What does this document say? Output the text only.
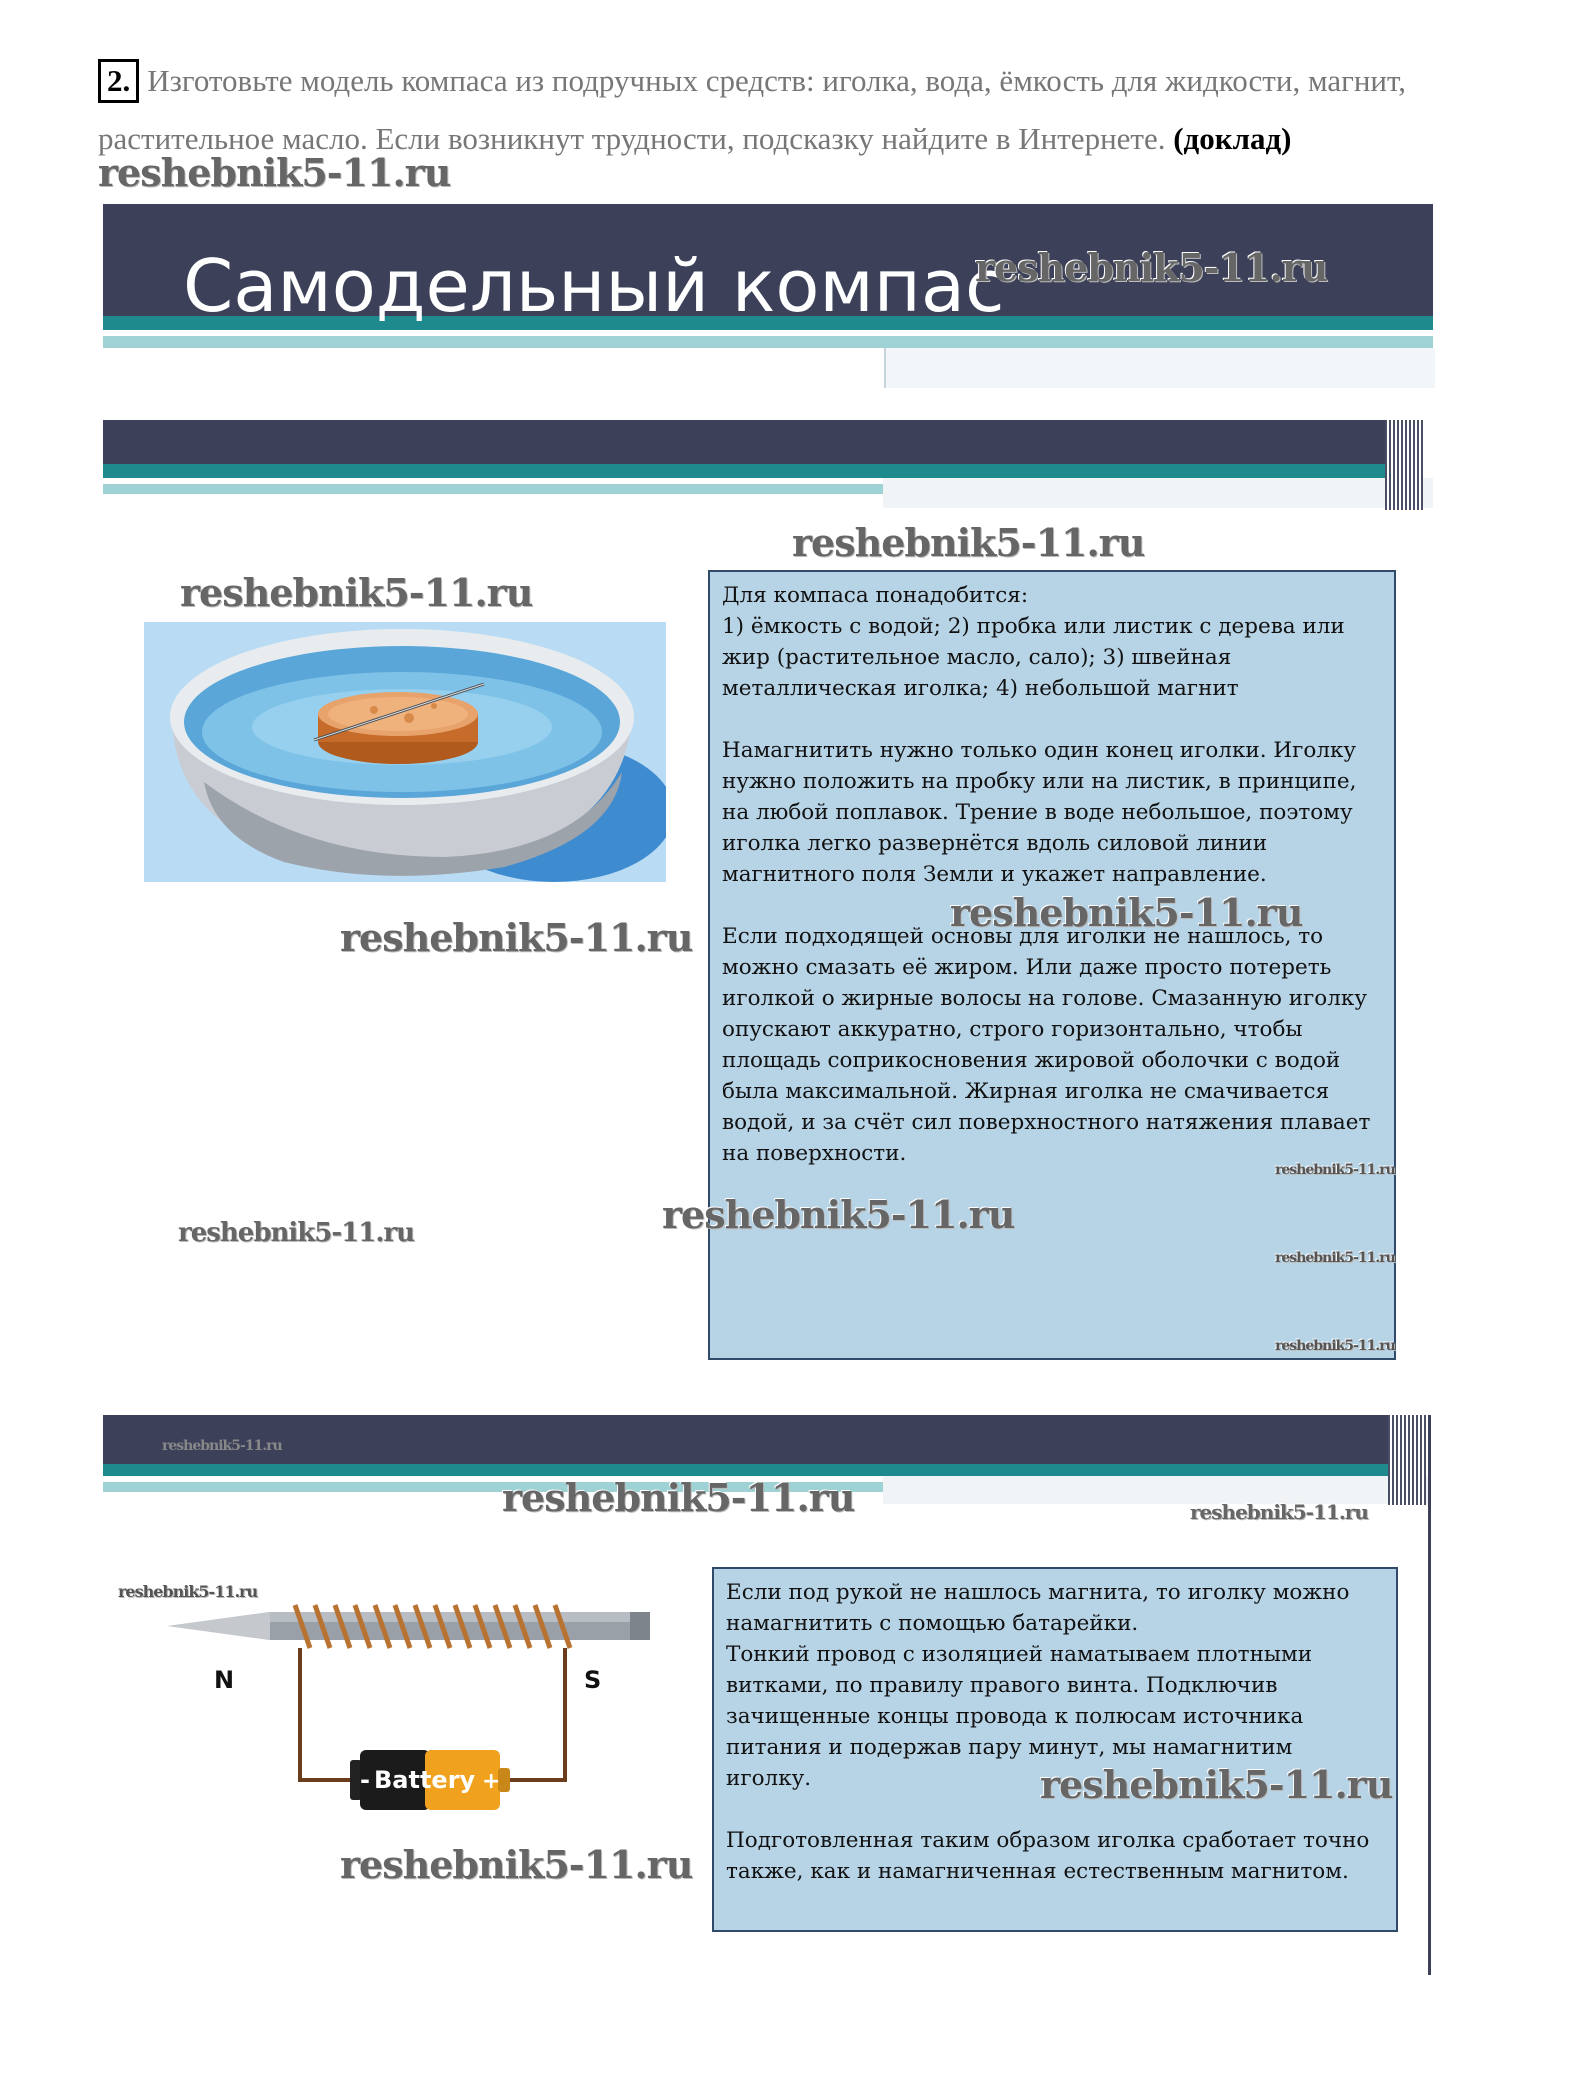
2. Изготовьте модель компаса из подручных средств: иголка, вода, ёмкость для жидкости, магнит, растительное масло. Если возникнут трудности, подсказку найдите в Интернете. (доклад)
reshebnik5-11.ru
Самодельный компас
reshebnik5-11.ru
reshebnik5-11.ru
reshebnik5-11.ru
reshebnik5-11.ru
reshebnik5-11.ru

Для компаса понадобится:
1) ёмкость с водой; 2) пробка или листик с дерева или жир (растительное масло, сало); 3) швейная металлическая иголка; 4) небольшой магнит

Намагнитить нужно только один конец иголки. Иголку нужно положить на пробку или на листик, в принципе, на любой поплавок. Трение в воде небольшое, поэтому иголка легко развернётся вдоль силовой линии магнитного поля Земли и укажет направление.

Если подходящей основы для иголки не нашлось, то можно смазать её жиром. Или даже просто потереть иголкой о жирные волосы на голове. Смазанную иголку опускают аккуратно, строго горизонтально, чтобы площадь соприкосновения жировой оболочки с водой была максимальной. Жирная иголка не смачивается водой, и за счёт сил поверхностного натяжения плавает на поверхности.

reshebnik5-11.ru
reshebnik5-11.ru
reshebnik5-11.ru
reshebnik5-11.ru
reshebnik5-11.ru
reshebnik5-11.ru
reshebnik5-11.ru	reshebnik5-11.ru
reshebnik5-11.ru
N	S
- Battery +

Если под рукой не нашлось магнита, то иголку можно намагнитить с помощью батарейки.
Тонкий провод с изоляцией наматываем плотными витками, по правилу правого винта. Подключив зачищенные концы провода к полюсам источника питания и подержав пару минут, мы намагнитим иголку.

Подготовленная таким образом иголка сработает точно также, как и намагниченная естественным магнитом.

reshebnik5-11.ru
reshebnik5-11.ru
